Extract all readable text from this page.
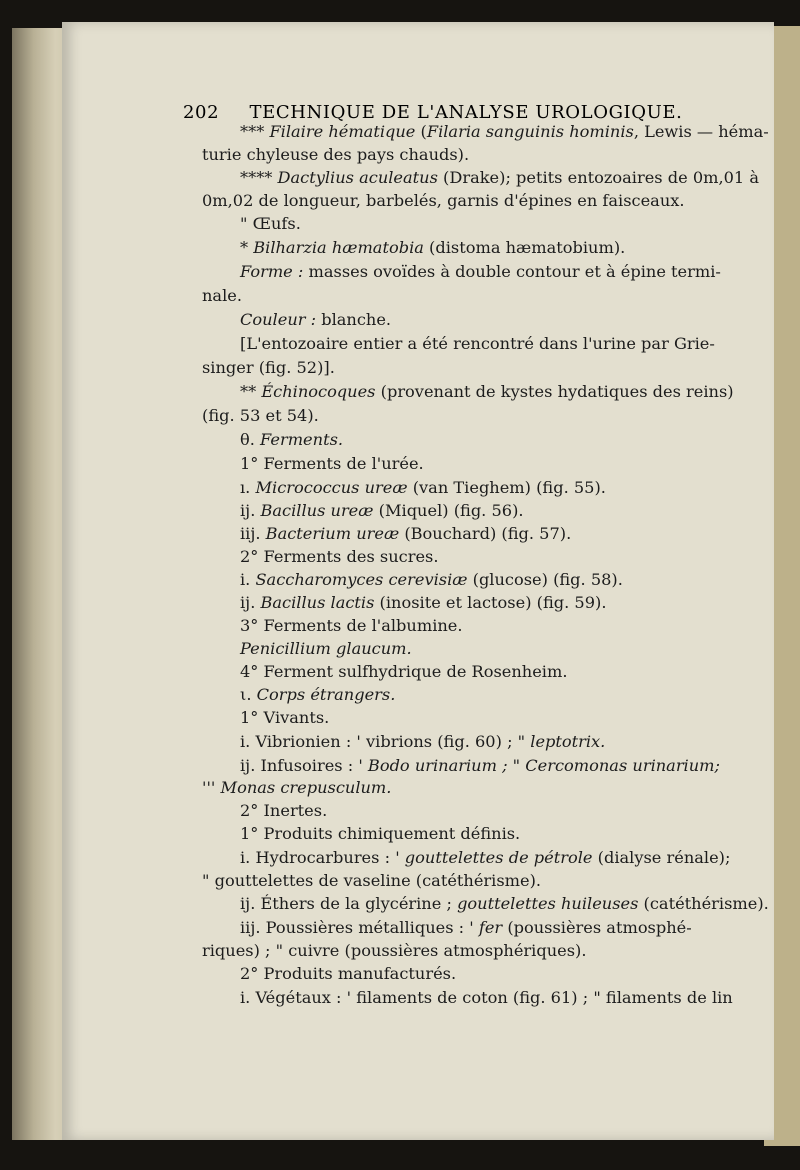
202 TECHNIQUE DE L'ANALYSE UROLOGIQUE.
*** Filaire hématique (Filaria sanguinis hominis, Lewis — héma-
turie chyleuse des pays chauds).
**** Dactylius aculeatus (Drake); petits entozoaires de 0m,01 à
0m,02 de longueur, barbelés, garnis d'épines en faisceaux.
" Œufs.
* Bilharzia hæmatobia (distoma hæmatobium).
Forme : masses ovoïdes à double contour et à épine termi-
nale.
Couleur : blanche.
[L'entozoaire entier a été rencontré dans l'urine par Grie-
singer (fig. 52)].
** Échinocoques (provenant de kystes hydatiques des reins)
(fig. 53 et 54).
θ. Ferments.
1° Ferments de l'urée.
ı. Micrococcus ureæ (van Tieghem) (fig. 55).
ij. Bacillus ureæ (Miquel) (fig. 56).
iij. Bacterium ureæ (Bouchard) (fig. 57).
2° Ferments des sucres.
i. Saccharomyces cerevisiæ (glucose) (fig. 58).
ij. Bacillus lactis (inosite et lactose) (fig. 59).
3° Ferments de l'albumine.
Penicillium glaucum.
4° Ferment sulfhydrique de Rosenheim.
ι. Corps étrangers.
1° Vivants.
i. Vibrionien : ' vibrions (fig. 60) ; " leptotrix.
ij. Infusoires : ' Bodo urinarium ; " Cercomonas urinarium;
''' Monas crepusculum.
2° Inertes.
1° Produits chimiquement définis.
i. Hydrocarbures : ' gouttelettes de pétrole (dialyse rénale);
" gouttelettes de vaseline (catéthérisme).
ij. Éthers de la glycérine ; gouttelettes huileuses (catéthérisme).
iij. Poussières métalliques : ' fer (poussières atmosphé-
riques) ; " cuivre (poussières atmosphériques).
2° Produits manufacturés.
i. Végétaux : ' filaments de coton (fig. 61) ; " filaments de lin
